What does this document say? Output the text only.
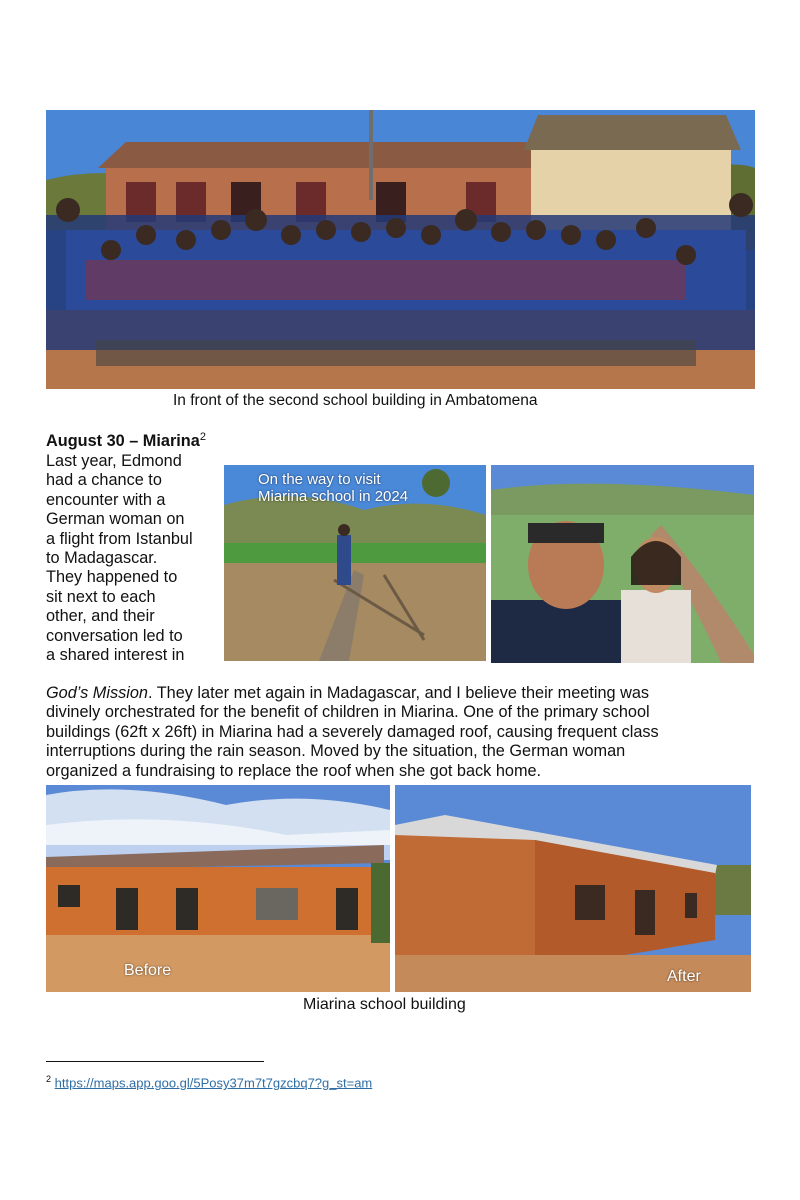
In front of the second school building in Ambatomena
August 30 – Miarina$^2$
Last year, Edmond
had a chance to
encounter with a
German woman on
a flight from Istanbul
to Madagascar.
They happened to
sit next to each
other, and their
conversation led to
a shared interest in
On the way to visit
Miarina school in 2024
God’s Mission. They later met again in Madagascar, and I believe their meeting was
divinely orchestrated for the benefit of children in Miarina. One of the primary school
buildings (62ft x 26ft) in Miarina had a severely damaged roof, causing frequent class
interruptions during the rain season. Moved by the situation, the German woman
organized a fundraising to replace the roof when she got back home.
Before	After
Miarina school building
$^2$ https://maps.app.goo.gl/5Posy37m7t7gzcbq7?g_st=am
